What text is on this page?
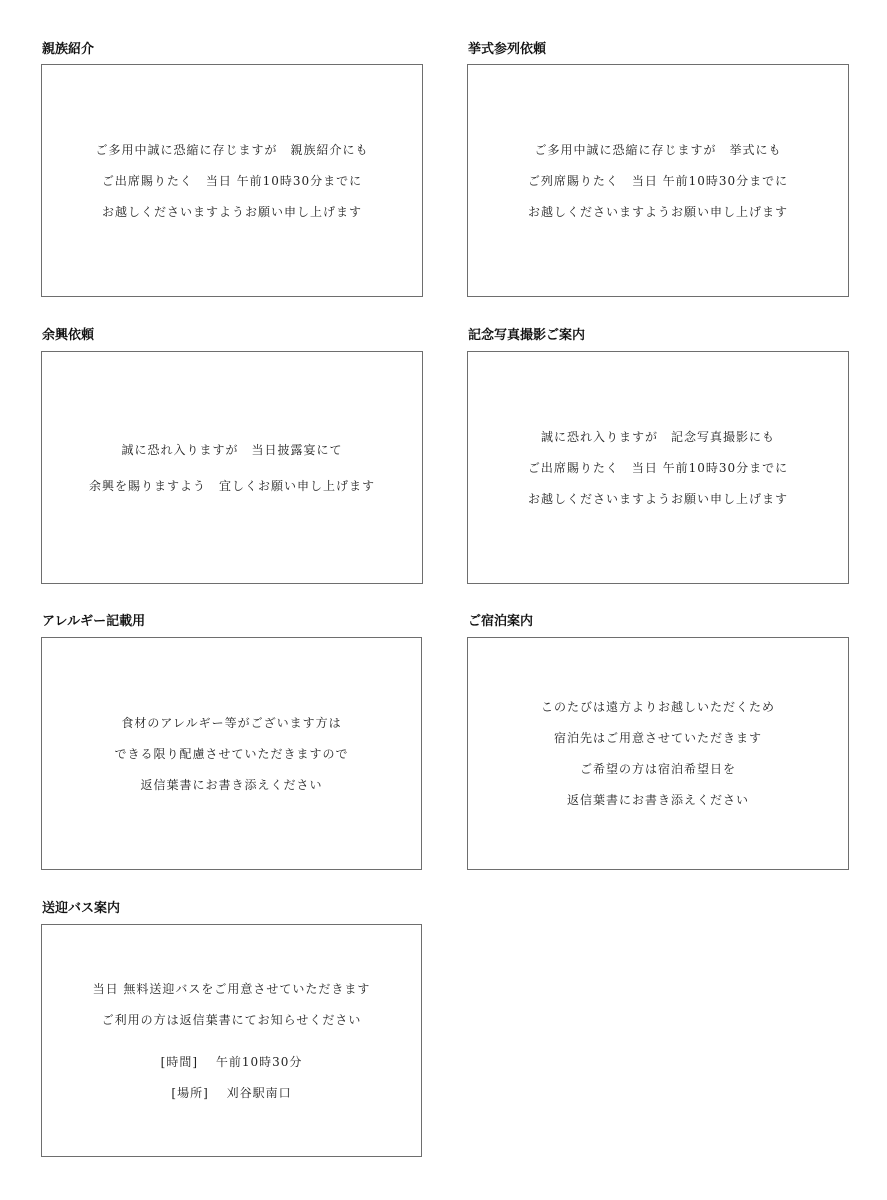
親族紹介
ご多用中誠に恐縮に存じますが　親族紹介にも
ご出席賜りたく　当日 午前10時30分までに
お越しくださいますようお願い申し上げます
挙式参列依頼
ご多用中誠に恐縮に存じますが　挙式にも
ご列席賜りたく　当日 午前10時30分までに
お越しくださいますようお願い申し上げます
余興依頼
誠に恐れ入りますが　当日披露宴にて
余興を賜りますよう　宜しくお願い申し上げます
記念写真撮影ご案内
誠に恐れ入りますが　記念写真撮影にも
ご出席賜りたく　当日 午前10時30分までに
お越しくださいますようお願い申し上げます
アレルギー記載用
食材のアレルギー等がございます方は
できる限り配慮させていただきますので
返信葉書にお書き添えください
ご宿泊案内
このたびは遠方よりお越しいただくため
宿泊先はご用意させていただきます
ご希望の方は宿泊希望日を
返信葉書にお書き添えください
送迎バス案内
当日 無料送迎バスをご用意させていただきます
ご利用の方は返信葉書にてお知らせください
[時間]　 午前10時30分
[場所]　 刈谷駅南口
